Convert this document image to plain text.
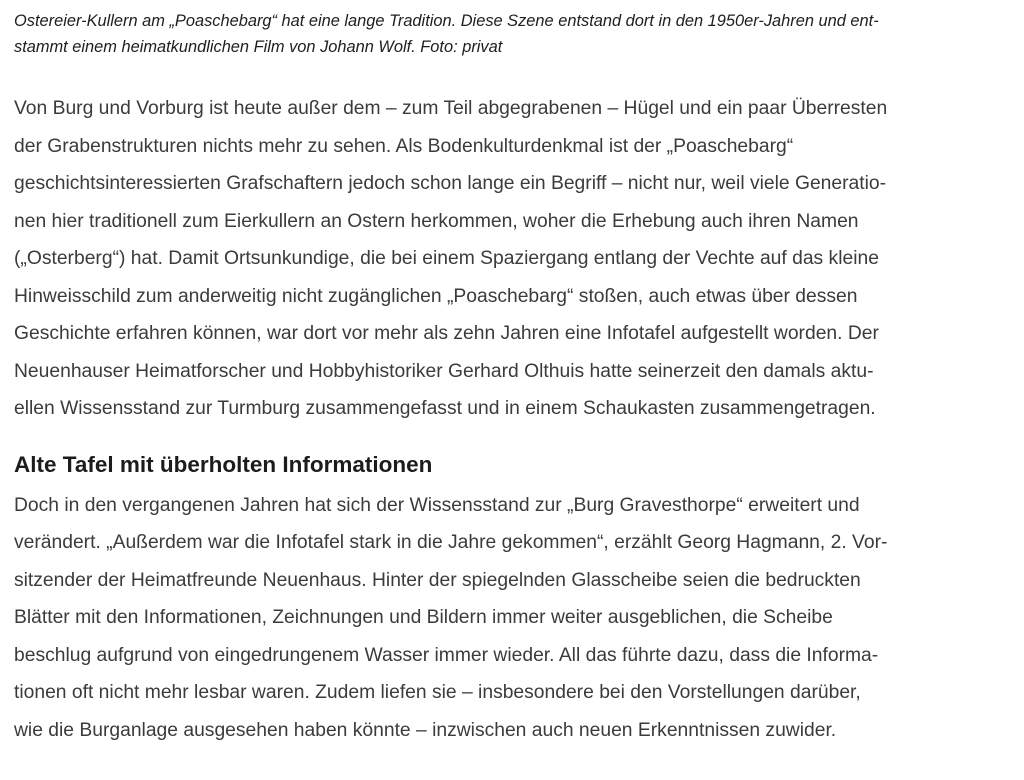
Ostereier-Kullern am „Poaschebarg“ hat eine lange Tradition. Diese Szene entstand dort in den 1950er-Jahren und ent-
stammt einem heimatkundlichen Film von Johann Wolf. Foto: privat

Von Burg und Vorburg ist heute außer dem – zum Teil abgegrabenen – Hügel und ein paar Überresten
der Grabenstrukturen nichts mehr zu sehen. Als Bodenkulturdenkmal ist der „Poaschebarg“
geschichtsinteressierten Grafschaftern jedoch schon lange ein Begriff – nicht nur, weil viele Generatio-
nen hier traditionell zum Eierkullern an Ostern herkommen, woher die Erhebung auch ihren Namen
(„Osterberg“) hat. Damit Ortsunkundige, die bei einem Spaziergang entlang der Vechte auf das kleine
Hinweisschild zum anderweitig nicht zugänglichen „Poaschebarg“ stoßen, auch etwas über dessen
Geschichte erfahren können, war dort vor mehr als zehn Jahren eine Infotafel aufgestellt worden. Der
Neuenhauser Heimatforscher und Hobbyhistoriker Gerhard Olthuis hatte seinerzeit den damals aktu-
ellen Wissensstand zur Turmburg zusammengefasst und in einem Schaukasten zusammengetragen.

Alte Tafel mit überholten Informationen

Doch in den vergangenen Jahren hat sich der Wissensstand zur „Burg Gravesthorpe“ erweitert und
verändert. „Außerdem war die Infotafel stark in die Jahre gekommen“, erzählt Georg Hagmann, 2. Vor-
sitzender der Heimatfreunde Neuenhaus. Hinter der spiegelnden Glasscheibe seien die bedruckten
Blätter mit den Informationen, Zeichnungen und Bildern immer weiter ausgeblichen, die Scheibe
beschlug aufgrund von eingedrungenem Wasser immer wieder. All das führte dazu, dass die Informa-
tionen oft nicht mehr lesbar waren. Zudem liefen sie – insbesondere bei den Vorstellungen darüber,
wie die Burganlage ausgesehen haben könnte – inzwischen auch neuen Erkenntnissen zuwider.
